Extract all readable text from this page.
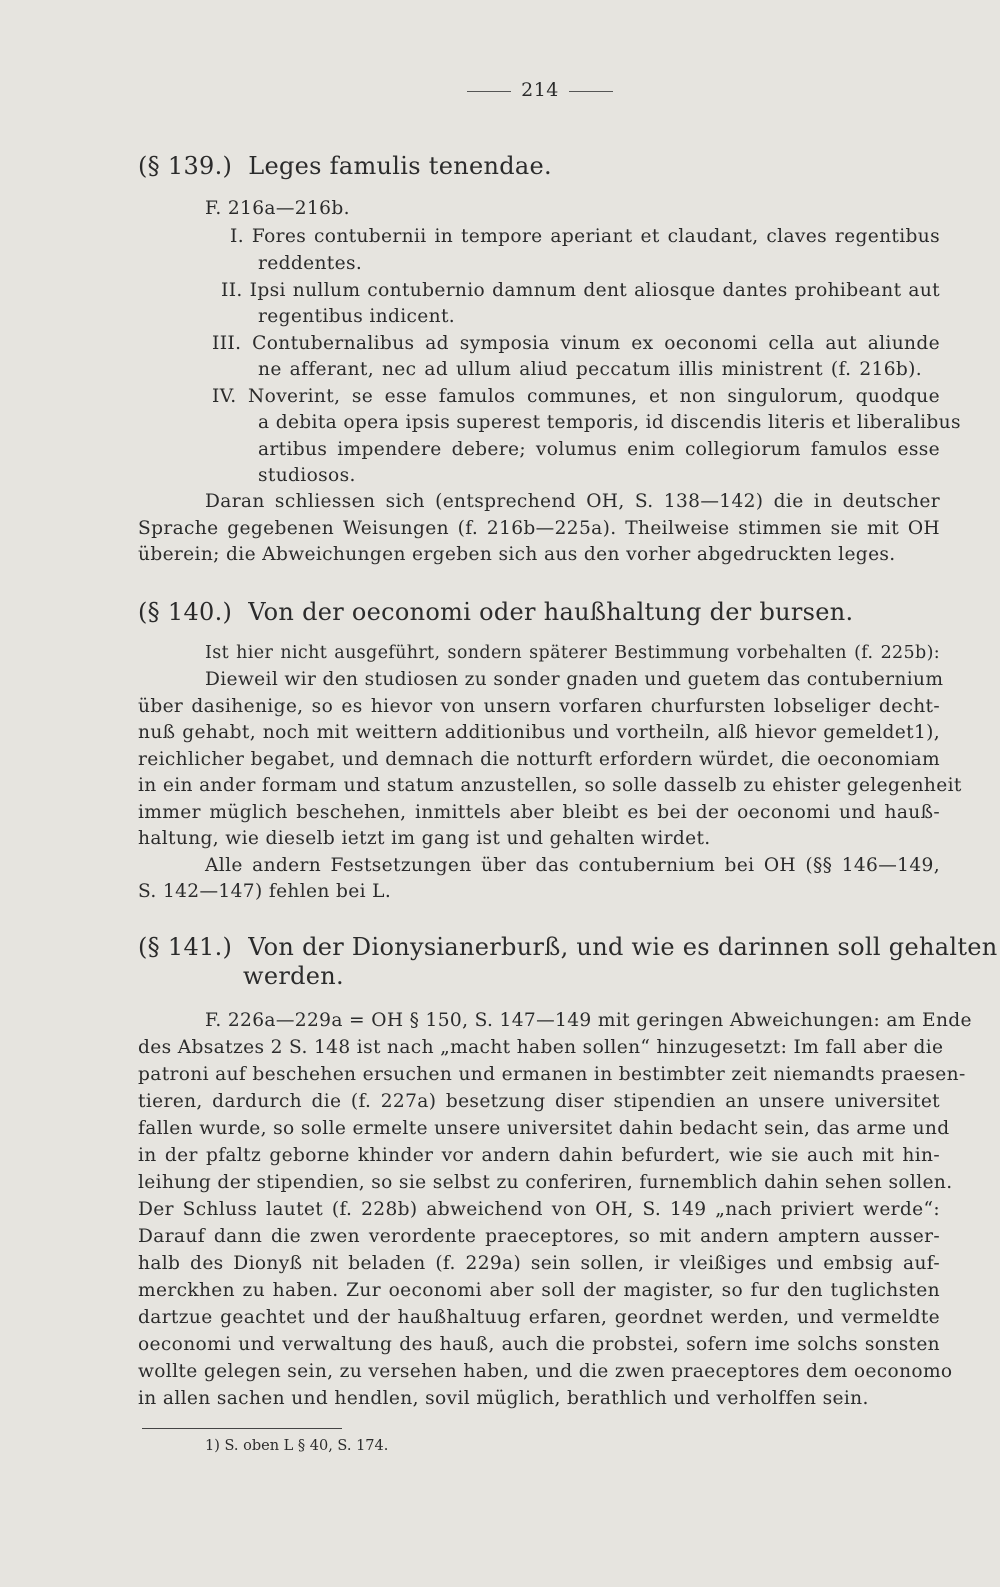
214
(§ 139.) Leges famulis tenendae.
F. 216a—216b.
I. Fores contubernii in tempore aperiant et claudant, claves regentibus
reddentes.
II. Ipsi nullum contubernio damnum dent aliosque dantes prohibeant aut
regentibus indicent.
III. Contubernalibus ad symposia vinum ex oeconomi cella aut aliunde
ne afferant, nec ad ullum aliud peccatum illis ministrent (f. 216b).
IV. Noverint, se esse famulos communes, et non singulorum, quodque
a debita opera ipsis superest temporis, id discendis literis et liberalibus
artibus impendere debere; volumus enim collegiorum famulos esse
studiosos.
Daran schliessen sich (entsprechend OH, S. 138—142) die in deutscher
Sprache gegebenen Weisungen (f. 216b—225a). Theilweise stimmen sie mit OH
überein; die Abweichungen ergeben sich aus den vorher abgedruckten leges.
(§ 140.) Von der oeconomi oder haußhaltung der bursen.
Ist hier nicht ausgeführt, sondern späterer Bestimmung vorbehalten (f. 225b):
Dieweil wir den studiosen zu sonder gnaden und guetem das contubernium
über dasihenige, so es hievor von unsern vorfaren churfursten lobseliger decht-
nuß gehabt, noch mit weittern additionibus und vortheiln, alß hievor gemeldet1),
reichlicher begabet, und demnach die notturft erfordern würdet, die oeconomiam
in ein ander formam und statum anzustellen, so solle dasselb zu ehister gelegenheit
immer müglich beschehen, inmittels aber bleibt es bei der oeconomi und hauß-
haltung, wie dieselb ietzt im gang ist und gehalten wirdet.
Alle andern Festsetzungen über das contubernium bei OH (§§ 146—149,
S. 142—147) fehlen bei L.
(§ 141.) Von der Dionysianerburß, und wie es darinnen soll gehalten
werden.
F. 226a—229a = OH § 150, S. 147—149 mit geringen Abweichungen: am Ende
des Absatzes 2 S. 148 ist nach „macht haben sollen“ hinzugesetzt: Im fall aber die
patroni auf beschehen ersuchen und ermanen in bestimbter zeit niemandts praesen-
tieren, dardurch die (f. 227a) besetzung diser stipendien an unsere universitet
fallen wurde, so solle ermelte unsere universitet dahin bedacht sein, das arme und
in der pfaltz geborne khinder vor andern dahin befurdert, wie sie auch mit hin-
leihung der stipendien, so sie selbst zu conferiren, furnemblich dahin sehen sollen.
Der Schluss lautet (f. 228b) abweichend von OH, S. 149 „nach priviert werde“:
Darauf dann die zwen verordente praeceptores, so mit andern amptern ausser-
halb des Dionyß nit beladen (f. 229a) sein sollen, ir vleißiges und embsig auf-
merckhen zu haben. Zur oeconomi aber soll der magister, so fur den tuglichsten
dartzue geachtet und der haußhaltuug erfaren, geordnet werden, und vermeldte
oeconomi und verwaltung des hauß, auch die probstei, sofern ime solchs sonsten
wollte gelegen sein, zu versehen haben, und die zwen praeceptores dem oeconomo
in allen sachen und hendlen, sovil müglich, berathlich und verholffen sein.
1) S. oben L § 40, S. 174.
